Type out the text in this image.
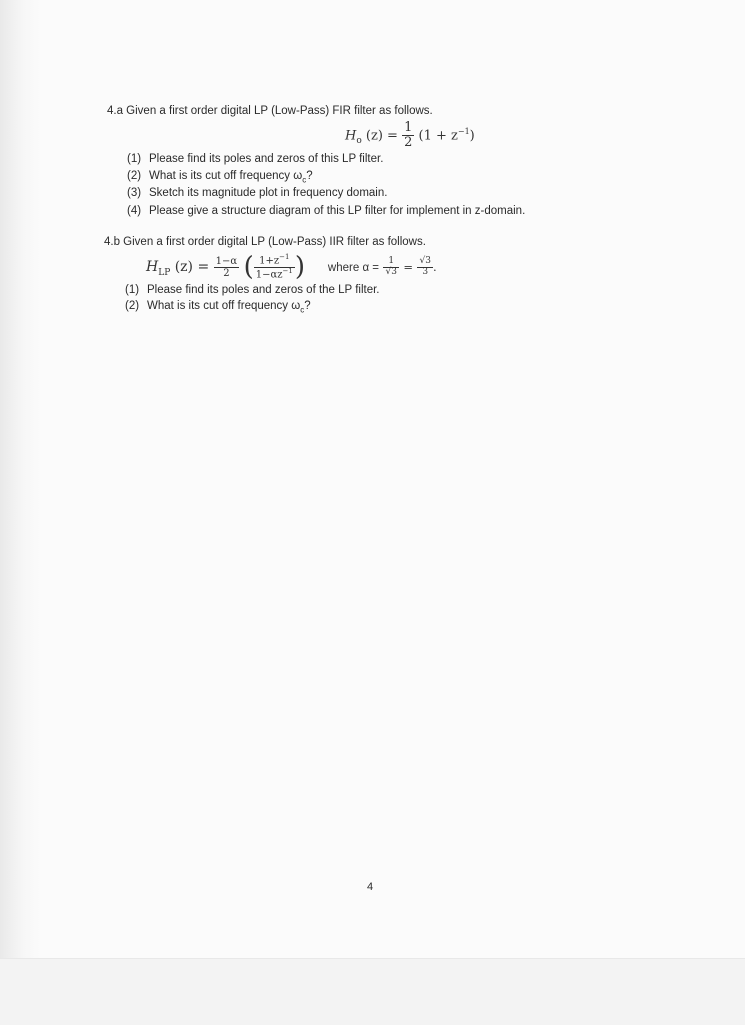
4.a Given a first order digital LP (Low-Pass) FIR filter as follows.
$H_o$ $(z) = \frac{1}{2} (1 + z^{-1})$
(1) Please find its poles and zeros of this LP filter.
(2) What is its cut off frequency $\omega_c$?
(3) Sketch its magnitude plot in frequency domain.
(4) Please give a structure diagram of this LP filter for implement in z-domain.
4.b Given a first order digital LP (Low-Pass) IIR filter as follows.
$H_{LP}$ $(z) = \frac{1-\alpha}{2}$ ( $\frac{1+z^{-1}}{1-\alpha z^{-1}}$ ) where $\alpha = \frac{1}{√3} = \frac{√3}{3}$ .
(1) Please find its poles and zeros of the LP filter.
(2) What is its cut off frequency $\omega_c$?
4
